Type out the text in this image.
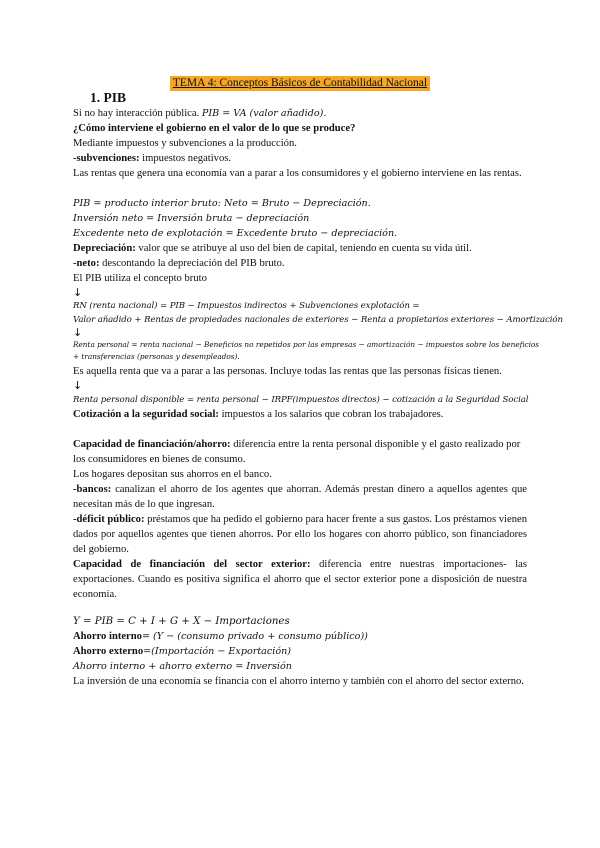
TEMA 4: Conceptos Básicos de Contabilidad Nacional
1. PIB
Si no hay interacción pública. PIB = VA (valor añadido).
¿Cómo interviene el gobierno en el valor de lo que se produce?
Mediante impuestos y subvenciones a la producción.
-subvenciones: impuestos negativos.
Las rentas que genera una economía van a parar a los consumidores y el gobierno interviene en las rentas.
PIB = producto interior bruto: Neto = Bruto − Depreciación.
Inversión neto = Inversión bruta − depreciación
Excedente neto de explotación = Excedente bruto − depreciación.
Depreciación: valor que se atribuye al uso del bien de capital, teniendo en cuenta su vida útil.
-neto: descontando la depreciación del PIB bruto.
El PIB utiliza el concepto bruto
↓
RN (renta nacional) = PIB − Impuestos indirectos + Subvenciones explotación =
Valor añadido + Rentas de propiedades nacionales de exteriores − Renta a propietarios exteriores − Amortización
↓
Renta personal = renta nacional − Beneficios no repetidos por las empresas − amortización − impuestos sobre los beneficios
+ transferencias (personas y desempleados).
Es aquella renta que va a parar a las personas. Incluye todas las rentas que las personas físicas tienen.
↓
Renta personal disponible = renta personal − IRPF(impuestos directos) − cotización a la Seguridad Social
Cotización a la seguridad social: impuestos a los salarios que cobran los trabajadores.
Capacidad de financiación/ahorro: diferencia entre la renta personal disponible y el gasto realizado por los consumidores en bienes de consumo.
Los hogares depositan sus ahorros en el banco.
-bancos: canalizan el ahorro de los agentes que ahorran. Además prestan dinero a aquellos agentes que necesitan más de lo que ingresan.
-déficit público: préstamos que ha pedido el gobierno para hacer frente a sus gastos. Los préstamos vienen dados por aquellos agentes que tienen ahorros. Por ello los hogares con ahorro público, son financiadores del gobierno.
Capacidad de financiación del sector exterior: diferencia entre nuestras importaciones- las exportaciones. Cuando es positiva significa el ahorro que el sector exterior pone a disposición de nuestra economía.
Y = PIB = C + I + G + X − Importaciones
Ahorro interno= (Y − (consumo privado + consumo público))
Ahorro externo=(Importación − Exportación)
Ahorro interno + ahorro externo = Inversión
La inversión de una economía se financia con el ahorro interno y también con el ahorro del sector externo.
